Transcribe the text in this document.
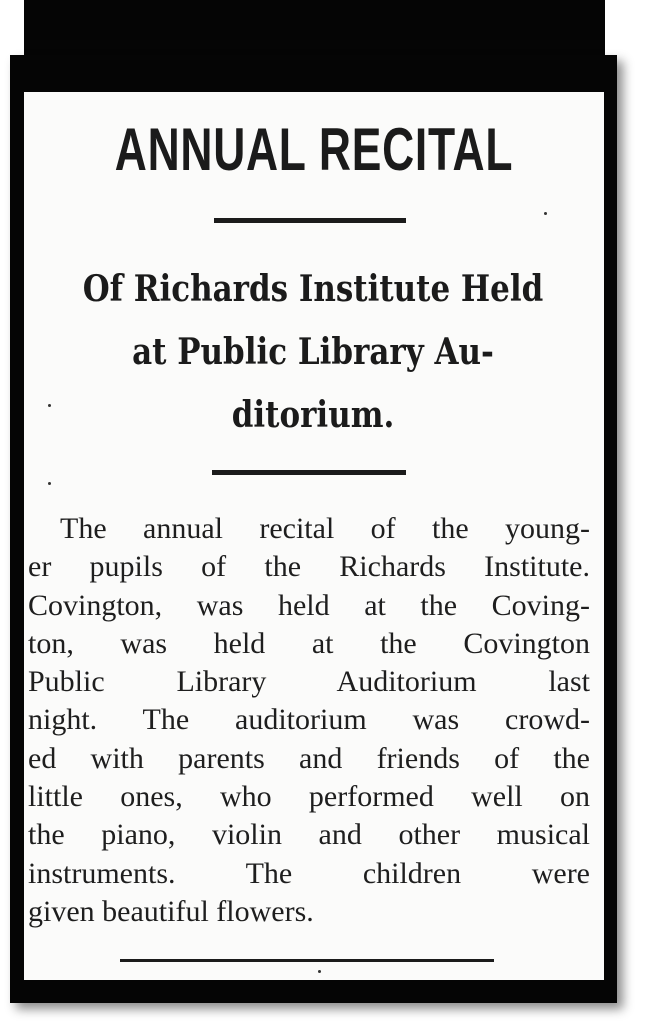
ANNUAL RECITAL
Of Richards Institute Held
at Public Library Au-
ditorium.
The annual recital of the young-
er pupils of the Richards Institute.
Covington, was held at the Coving-
ton, was held at the Covington
Public Library Auditorium last
night. The auditorium was crowd-
ed with parents and friends of the
little ones, who performed well on
the piano, violin and other musical
instruments. The children were
given beautiful flowers.
